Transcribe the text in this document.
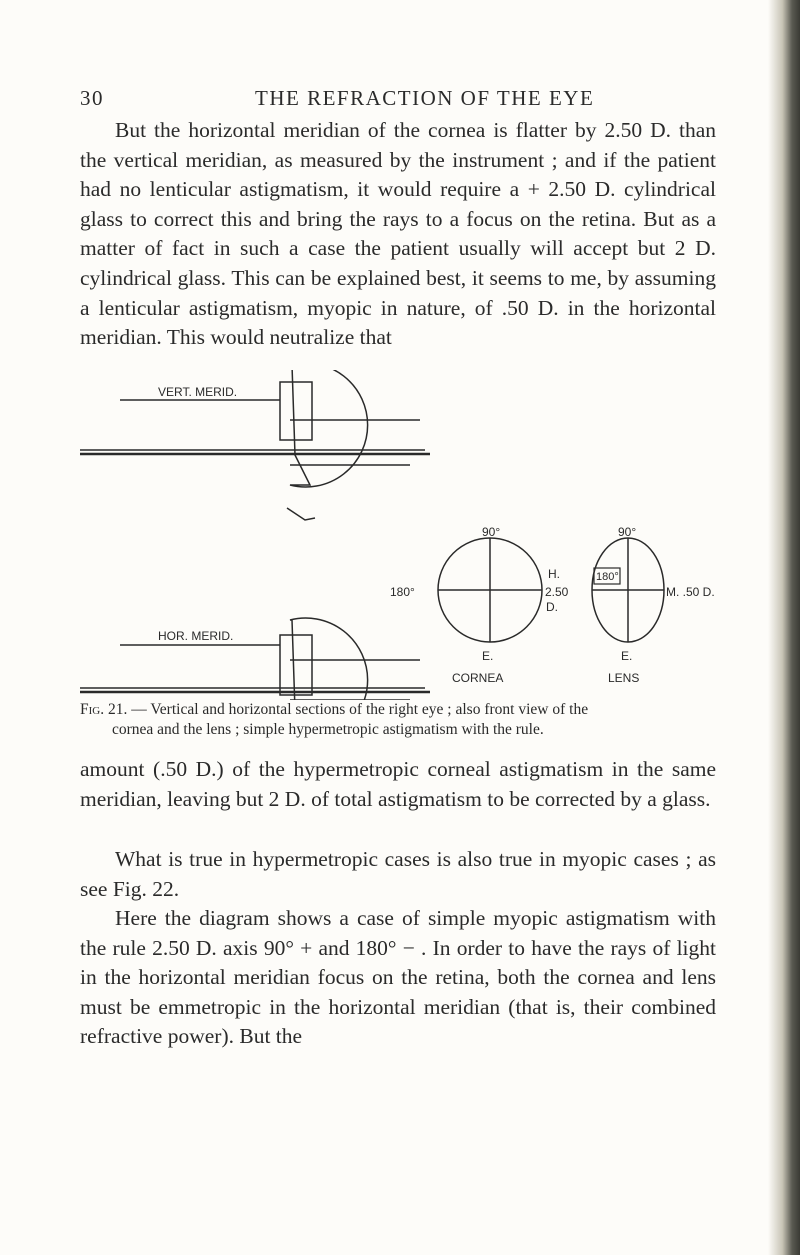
30	THE REFRACTION OF THE EYE

But the horizontal meridian of the cornea is flatter by 2.50 D. than the vertical meridian, as measured by the instrument ; and if the patient had no lenticular astigmatism, it would require a + 2.50 D. cylindrical glass to correct this and bring the rays to a focus on the retina. But as a matter of fact in such a case the patient usually will accept but 2 D. cylindrical glass. This can be explained best, it seems to me, by assuming a lenticular astigmatism, myopic in nature, of .50 D. in the horizontal meridian. This would neutralize that

VERT. MERID.
HOR. MERID.
90°
180°
H.
2.50
D.
E.
CORNEA
90°
180°
M. .50 D.
E.
LENS

Fig. 21. — Vertical and horizontal sections of the right eye ; also front view of the
cornea and the lens ; simple hypermetropic astigmatism with the rule.

amount (.50 D.) of the hypermetropic corneal astigmatism in the same meridian, leaving but 2 D. of total astigmatism to be corrected by a glass.

What is true in hypermetropic cases is also true in myopic cases ; as see Fig. 22.

Here the diagram shows a case of simple myopic astigmatism with the rule 2.50 D. axis 90° + and 180° − . In order to have the rays of light in the horizontal meridian focus on the retina, both the cornea and lens must be emmetropic in the horizontal meridian (that is, their combined refractive power). But the
